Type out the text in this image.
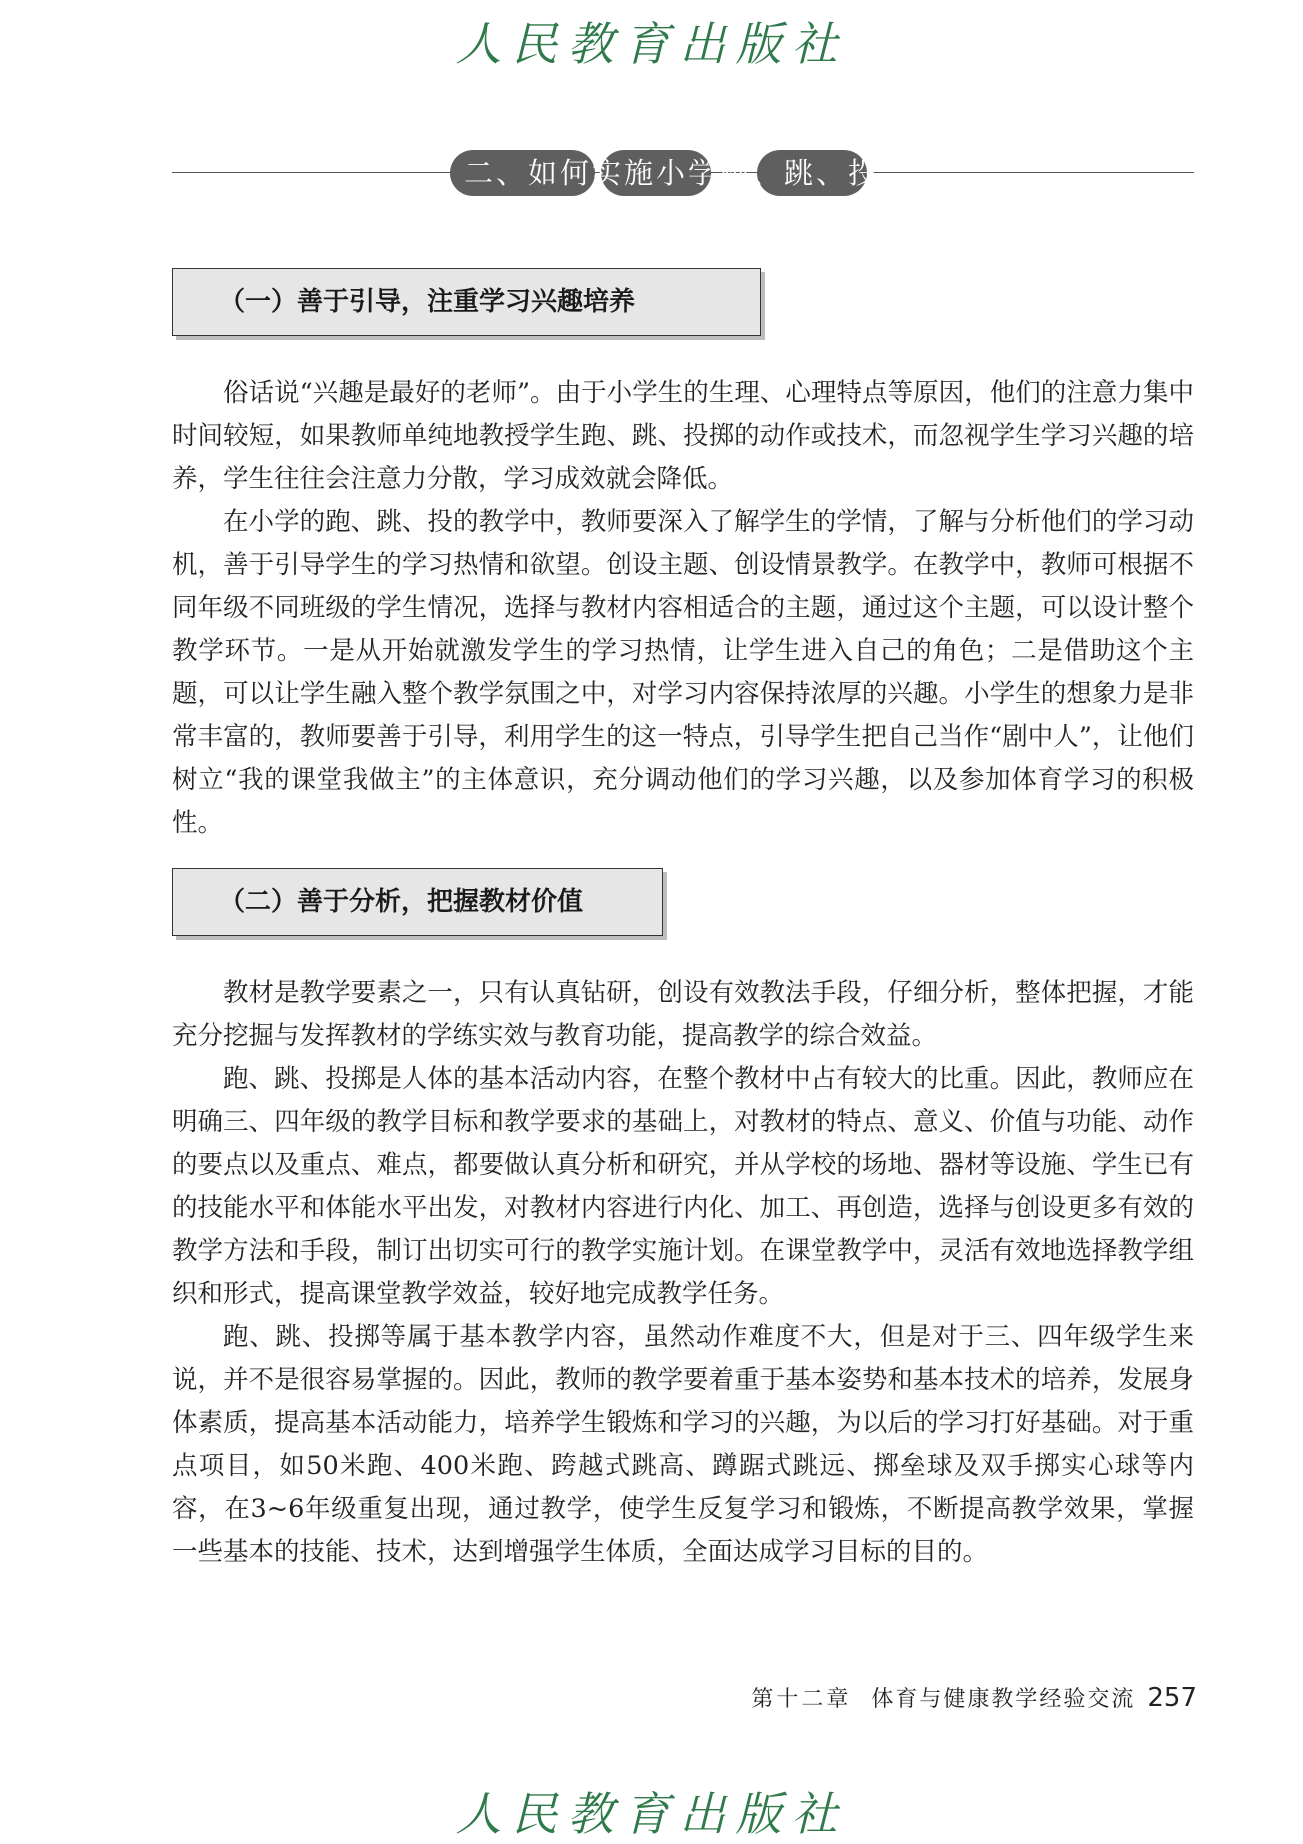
人民教育出版社
二、如何实施小学跑、跳、投
（一）善于引导，注重学习兴趣培养

俗话说“兴趣是最好的老师”。由于小学生的生理、心理特点等原因，他们的注意力集中时间较短，如果教师单纯地教授学生跑、跳、投掷的动作或技术，而忽视学生学习兴趣的培养，学生往往会注意力分散，学习成效就会降低。

在小学的跑、跳、投的教学中，教师要深入了解学生的学情，了解与分析他们的学习动机，善于引导学生的学习热情和欲望。创设主题、创设情景教学。在教学中，教师可根据不同年级不同班级的学生情况，选择与教材内容相适合的主题，通过这个主题，可以设计整个教学环节。一是从开始就激发学生的学习热情，让学生进入自己的角色；二是借助这个主题，可以让学生融入整个教学氛围之中，对学习内容保持浓厚的兴趣。小学生的想象力是非常丰富的，教师要善于引导，利用学生的这一特点，引导学生把自己当作“剧中人”，让他们树立“我的课堂我做主”的主体意识，充分调动他们的学习兴趣，以及参加体育学习的积极性。

（二）善于分析，把握教材价值

教材是教学要素之一，只有认真钻研，创设有效教法手段，仔细分析，整体把握，才能充分挖掘与发挥教材的学练实效与教育功能，提高教学的综合效益。

跑、跳、投掷是人体的基本活动内容，在整个教材中占有较大的比重。因此，教师应在明确三、四年级的教学目标和教学要求的基础上，对教材的特点、意义、价值与功能、动作的要点以及重点、难点，都要做认真分析和研究，并从学校的场地、器材等设施、学生已有的技能水平和体能水平出发，对教材内容进行内化、加工、再创造，选择与创设更多有效的教学方法和手段，制订出切实可行的教学实施计划。在课堂教学中，灵活有效地选择教学组织和形式，提高课堂教学效益，较好地完成教学任务。

跑、跳、投掷等属于基本教学内容，虽然动作难度不大，但是对于三、四年级学生来说，并不是很容易掌握的。因此，教师的教学要着重于基本姿势和基本技术的培养，发展身体素质，提高基本活动能力，培养学生锻炼和学习的兴趣，为以后的学习打好基础。对于重点项目，如50米跑、400米跑、跨越式跳高、蹲踞式跳远、掷垒球及双手掷实心球等内容，在3~6年级重复出现，通过教学，使学生反复学习和锻炼，不断提高教学效果，掌握一些基本的技能、技术，达到增强学生体质，全面达成学习目标的目的。

第十二章 体育与健康教学经验交流 257
人民教育出版社
